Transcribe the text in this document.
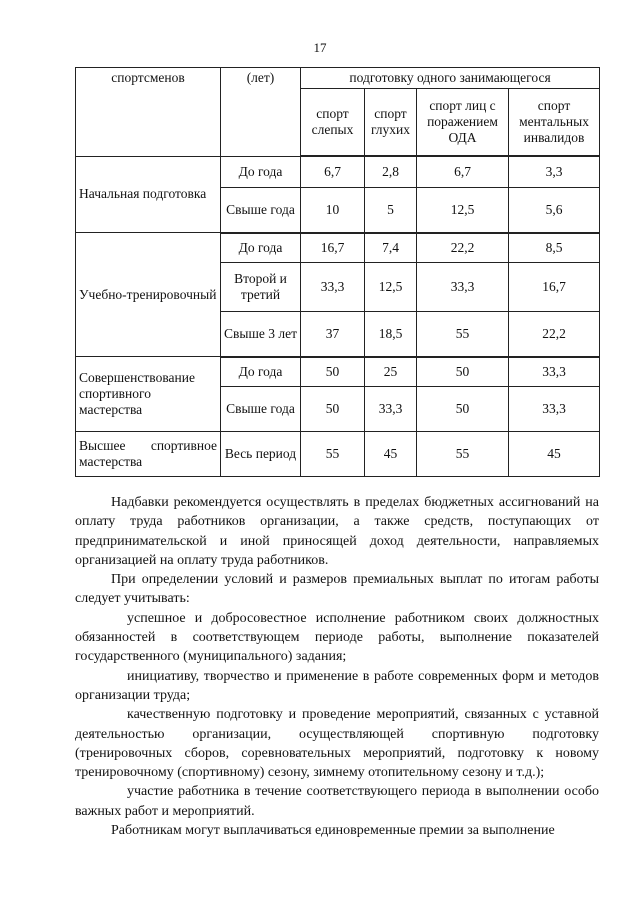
17
спортсменов	(лет)	подготовку одного занимающегося			
		спорт слепых	спорт глухих	спорт лиц с поражением ОДА	спорт ментальных инвалидов
Начальная подготовка	До года	6,7	2,8	6,7	3,3
	Свыше года	10	5	12,5	5,6
Учебно-тренировочный	До года	16,7	7,4	22,2	8,5
	Второй и третий	33,3	12,5	33,3	16,7
	Свыше 3 лет	37	18,5	55	22,2
Совершенствование спортивного мастерства	До года	50	25	50	33,3
	Свыше года	50	33,3	50	33,3
Высшее спортивное мастерства	Весь период	55	45	55	45

Надбавки рекомендуется осуществлять в пределах бюджетных ассигнований на оплату труда работников организации, а также средств, поступающих от предпринимательской и иной приносящей доход деятельности, направляемых организацией на оплату труда работников.

При определении условий и размеров премиальных выплат по итогам работы следует учитывать:

успешное и добросовестное исполнение работником своих должностных обязанностей в соответствующем периоде работы, выполнение показателей государственного (муниципального) задания;

инициативу, творчество и применение в работе современных форм и методов организации труда;

качественную подготовку и проведение мероприятий, связанных с уставной деятельностью организации, осуществляющей спортивную подготовку (тренировочных сборов, соревновательных мероприятий, подготовку к новому тренировочному (спортивному) сезону, зимнему отопительному сезону и т.д.);

участие работника в течение соответствующего периода в выполнении особо важных работ и мероприятий.

Работникам могут выплачиваться единовременные премии за выполнение
